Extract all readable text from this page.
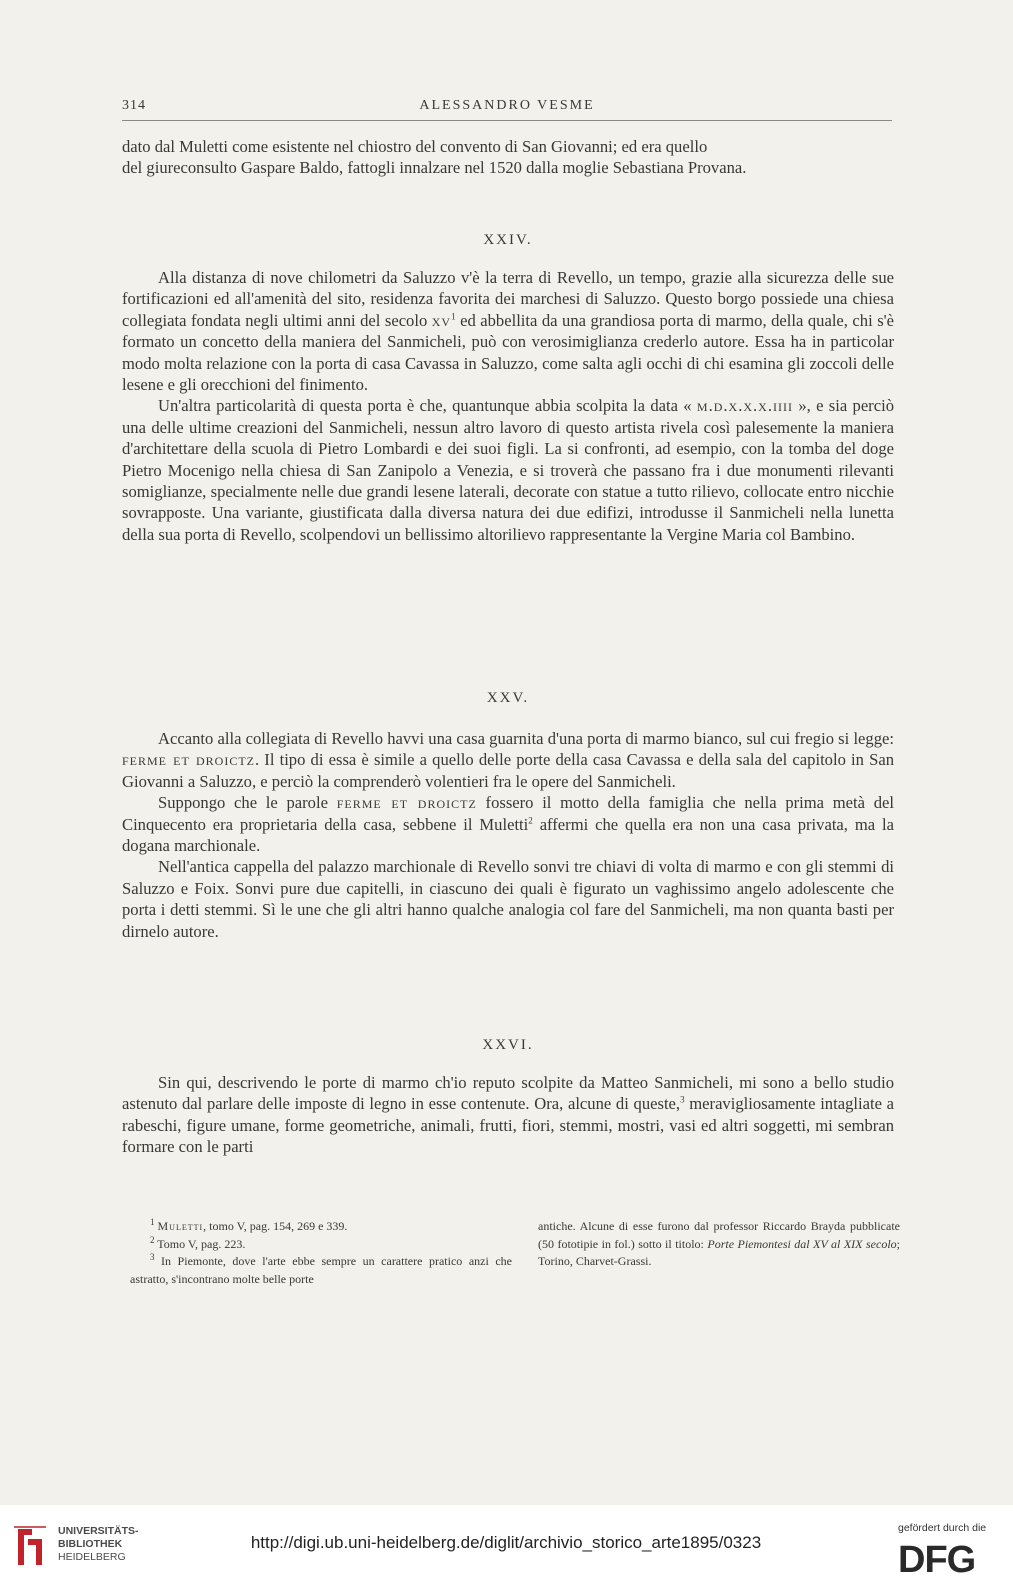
314	ALESSANDRO VESME

dato dal Muletti come esistente nel chiostro del convento di San Giovanni; ed era quello
del giureconsulto Gaspare Baldo, fattogli innalzare nel 1520 dalla moglie Sebastiana Provana.

XXIV.

Alla distanza di nove chilometri da Saluzzo v'è la terra di Revello, un tempo, grazie alla sicurezza delle sue fortificazioni ed all'amenità del sito, residenza favorita dei marchesi di Saluzzo. Questo borgo possiede una chiesa collegiata fondata negli ultimi anni del secolo $xv^1$ ed abbellita da una grandiosa porta di marmo, della quale, chi s'è formato un concetto della maniera del Sanmicheli, può con verosimiglianza crederlo autore. Essa ha in particolar modo molta relazione con la porta di casa Cavassa in Saluzzo, come salta agli occhi di chi esamina gli zoccoli delle lesene e gli orecchioni del finimento.

Un'altra particolarità di questa porta è che, quantunque abbia scolpita la data « m.d.x.x.x.iiii », e sia perciò una delle ultime creazioni del Sanmicheli, nessun altro lavoro di questo artista rivela così palesemente la maniera d'architettare della scuola di Pietro Lombardi e dei suoi figli. La si confronti, ad esempio, con la tomba del doge Pietro Mocenigo nella chiesa di San Zanipolo a Venezia, e si troverà che passano fra i due monumenti rilevanti somiglianze, specialmente nelle due grandi lesene laterali, decorate con statue a tutto rilievo, collocate entro nicchie sovrapposte. Una variante, giustificata dalla diversa natura dei due edifizi, introdusse il Sanmicheli nella lunetta della sua porta di Revello, scolpendovi un bellissimo altorilievo rappresentante la Vergine Maria col Bambino.

XXV.

Accanto alla collegiata di Revello havvi una casa guarnita d'una porta di marmo bianco, sul cui fregio si legge: ferme et droictz. Il tipo di essa è simile a quello delle porte della casa Cavassa e della sala del capitolo in San Giovanni a Saluzzo, e perciò la comprenderò volentieri fra le opere del Sanmicheli.

Suppongo che le parole ferme et droictz fossero il motto della famiglia che nella prima metà del Cinquecento era proprietaria della casa, sebbene il Muletti$^2$ affermi che quella era non una casa privata, ma la dogana marchionale.

Nell'antica cappella del palazzo marchionale di Revello sonvi tre chiavi di volta di marmo e con gli stemmi di Saluzzo e Foix. Sonvi pure due capitelli, in ciascuno dei quali è figurato un vaghissimo angelo adolescente che porta i detti stemmi. Sì le une che gli altri hanno qualche analogia col fare del Sanmicheli, ma non quanta basti per dirnelo autore.

XXVI.

Sin qui, descrivendo le porte di marmo ch'io reputo scolpite da Matteo Sanmicheli, mi sono a bello studio astenuto dal parlare delle imposte di legno in esse contenute. Ora, alcune di queste,$^3$ meravigliosamente intagliate a rabeschi, figure umane, forme geometriche, animali, frutti, fiori, stemmi, mostri, vasi ed altri soggetti, mi sembran formare con le parti

$^1$ Muletti, tomo V, pag. 154, 269 e 339.

$^2$ Tomo V, pag. 223.

$^3$ In Piemonte, dove l'arte ebbe sempre un carattere pratico anzi che astratto, s'incontrano molte belle porte

antiche. Alcune di esse furono dal professor Riccardo Brayda pubblicate (50 fototipie in fol.) sotto il titolo: Porte Piemontesi dal XV al XIX secolo; Torino, Charvet-Grassi.

UNIVERSITÄTS-
BIBLIOTHEK
HEIDELBERG
http://digi.ub.uni-heidelberg.de/diglit/archivio_storico_arte1895/0323
gefördert durch die
DFG
